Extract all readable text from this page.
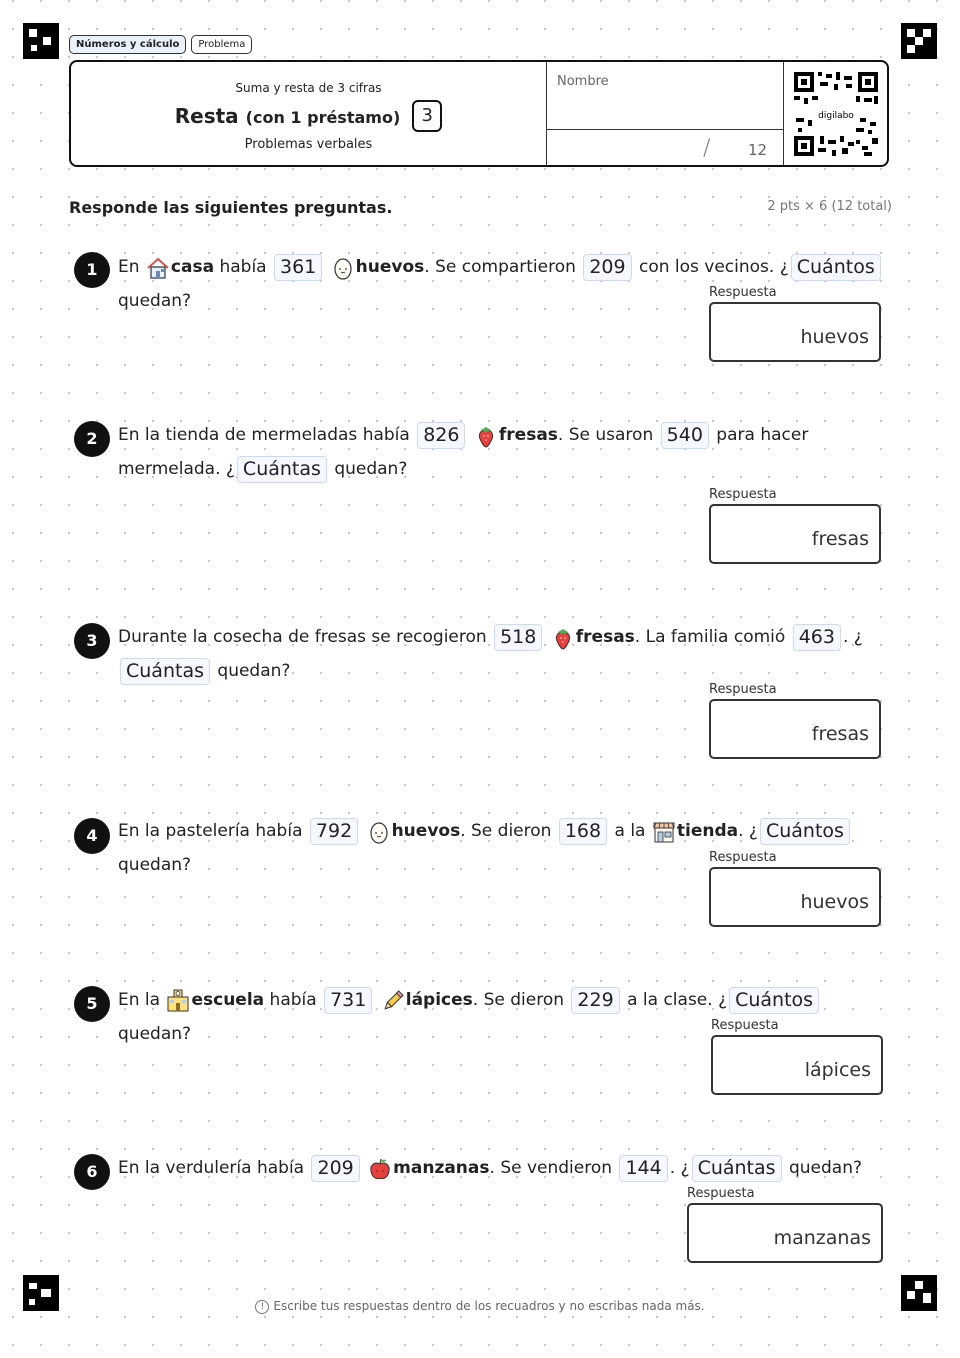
Números y cálculo	Problema
Suma y resta de 3 cifras
Resta (con 1 préstamo)	3
Problemas verbales
Nombre
/	12
digilabo
Responde las siguientes preguntas.	2 pts × 6 (12 total)
1	En casa había 361 huevos. Se compartieron 209 con los vecinos. ¿ Cuántos quedan?	Respuesta
huevos
2	En la tienda de mermeladas había 826 fresas. Se usaron 540 para hacer mermelada. ¿ Cuántas quedan?
Respuesta
fresas
3	Durante la cosecha de fresas se recogieron 518 fresas. La familia comió 463 . ¿Cuántas quedan?
Respuesta
fresas
4	En la pastelería había 792 huevos. Se dieron 168 a la tienda. ¿ Cuántos quedan?	Respuesta
huevos
5	En la escuela había 731 lápices. Se dieron 229 a la clase. ¿ Cuántos quedan?	Respuesta
lápices
6	En la verdulería había 209 manzanas. Se vendieron 144 . ¿ Cuántas quedan?
Respuesta
manzanas
! Escribe tus respuestas dentro de los recuadros y no escribas nada más.
